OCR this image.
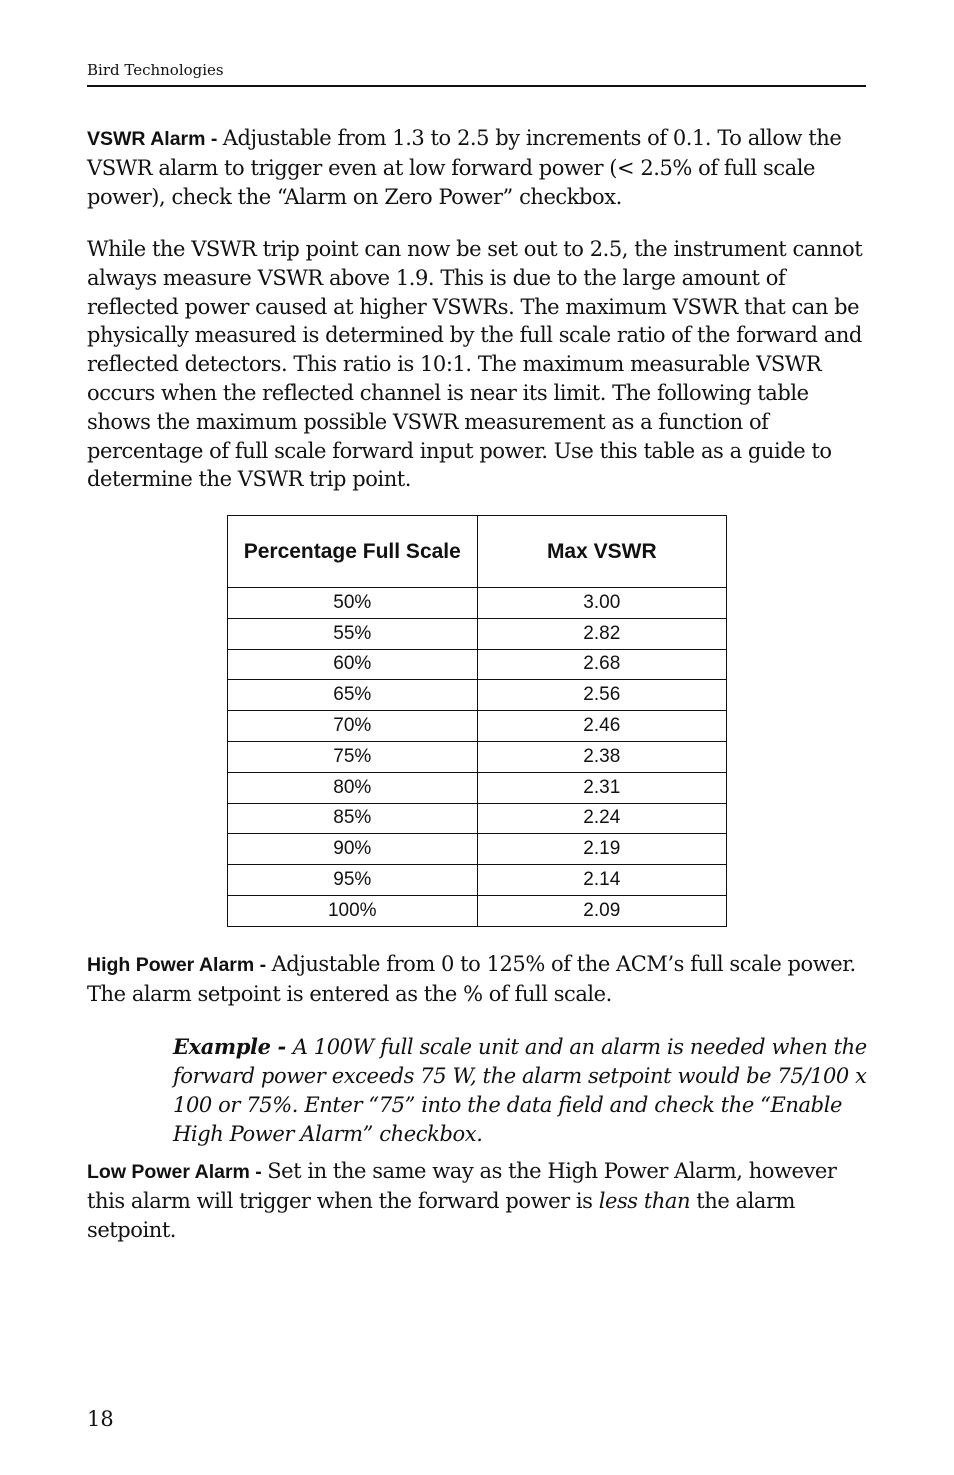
Bird Technologies
VSWR Alarm - Adjustable from 1.3 to 2.5 by increments of 0.1. To allow the VSWR alarm to trigger even at low forward power (< 2.5% of full scale power), check the “Alarm on Zero Power” checkbox.
While the VSWR trip point can now be set out to 2.5, the instrument cannot always measure VSWR above 1.9. This is due to the large amount of reflected power caused at higher VSWRs. The maximum VSWR that can be physically measured is determined by the full scale ratio of the forward and reflected detectors. This ratio is 10:1. The maximum measurable VSWR occurs when the reflected channel is near its limit. The following table shows the maximum possible VSWR measurement as a function of percentage of full scale forward input power. Use this table as a guide to determine the VSWR trip point.
Percentage Full Scale	Max VSWR
50%	3.00
55%	2.82
60%	2.68
65%	2.56
70%	2.46
75%	2.38
80%	2.31
85%	2.24
90%	2.19
95%	2.14
100%	2.09
High Power Alarm - Adjustable from 0 to 125% of the ACM’s full scale power. The alarm setpoint is entered as the % of full scale.
Example - A 100W full scale unit and an alarm is needed when the forward power exceeds 75 W, the alarm setpoint would be 75/100 x 100 or 75%. Enter “75” into the data field and check the “Enable High Power Alarm” checkbox.
Low Power Alarm - Set in the same way as the High Power Alarm, however this alarm will trigger when the forward power is less than the alarm setpoint.
18
